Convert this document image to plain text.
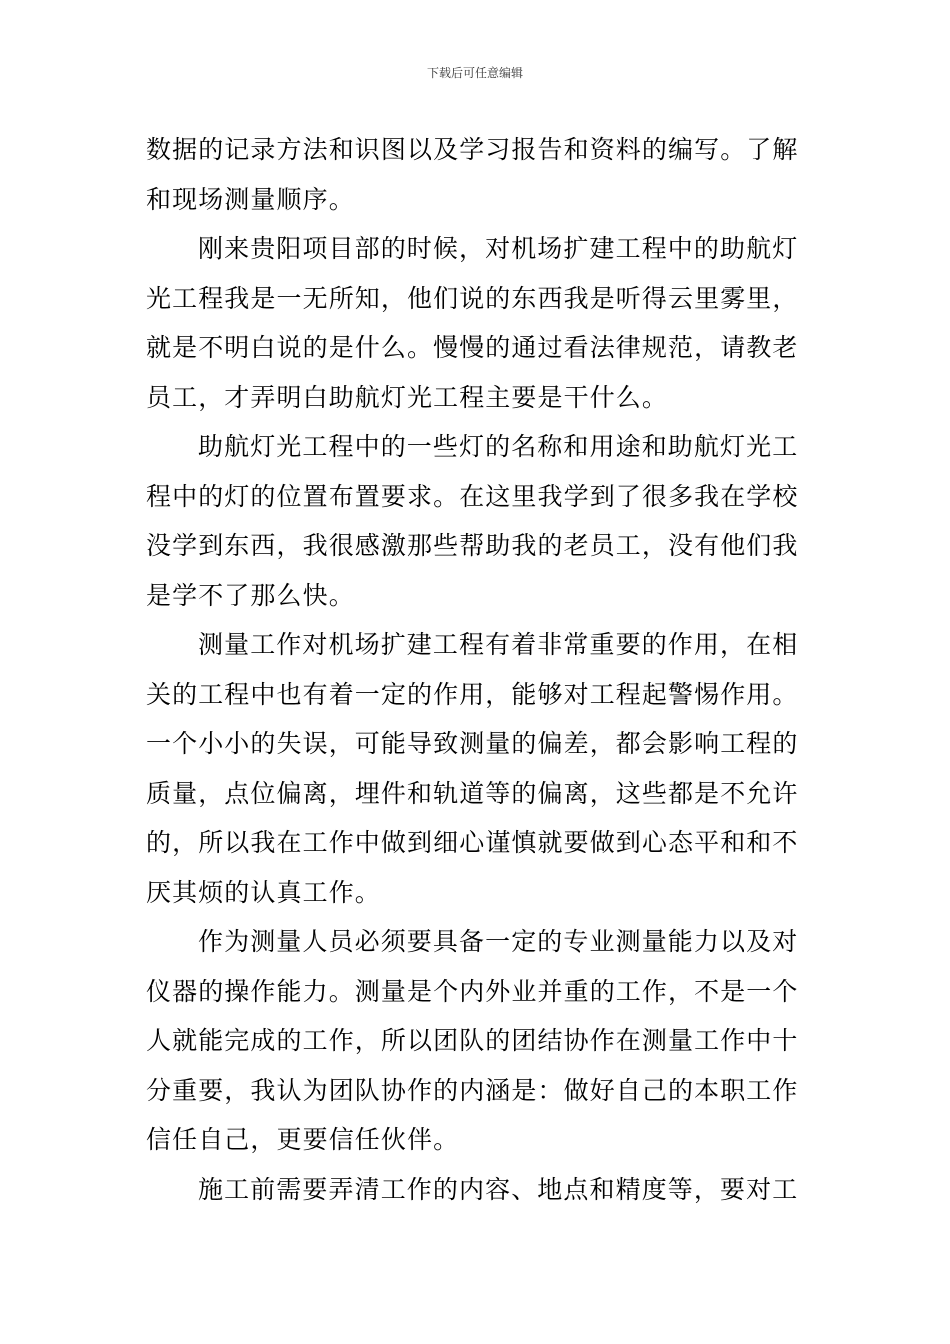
下载后可任意编辑

数据的记录方法和识图以及学习报告和资料的编写。了解
和现场测量顺序。

刚来贵阳项目部的时候，对机场扩建工程中的助航灯
光工程我是一无所知，他们说的东西我是听得云里雾里，
就是不明白说的是什么。慢慢的通过看法律规范，请教老
员工，才弄明白助航灯光工程主要是干什么。

助航灯光工程中的一些灯的名称和用途和助航灯光工
程中的灯的位置布置要求。在这里我学到了很多我在学校
没学到东西，我很感激那些帮助我的老员工，没有他们我
是学不了那么快。

测量工作对机场扩建工程有着非常重要的作用，在相
关的工程中也有着一定的作用，能够对工程起警惕作用。
一个小小的失误，可能导致测量的偏差，都会影响工程的
质量，点位偏离，埋件和轨道等的偏离，这些都是不允许
的，所以我在工作中做到细心谨慎就要做到心态平和和不
厌其烦的认真工作。

作为测量人员必须要具备一定的专业测量能力以及对
仪器的操作能力。测量是个内外业并重的工作，不是一个
人就能完成的工作，所以团队的团结协作在测量工作中十
分重要，我认为团队协作的内涵是：做好自己的本职工作
信任自己，更要信任伙伴。

施工前需要弄清工作的内容、地点和精度等，要对工
